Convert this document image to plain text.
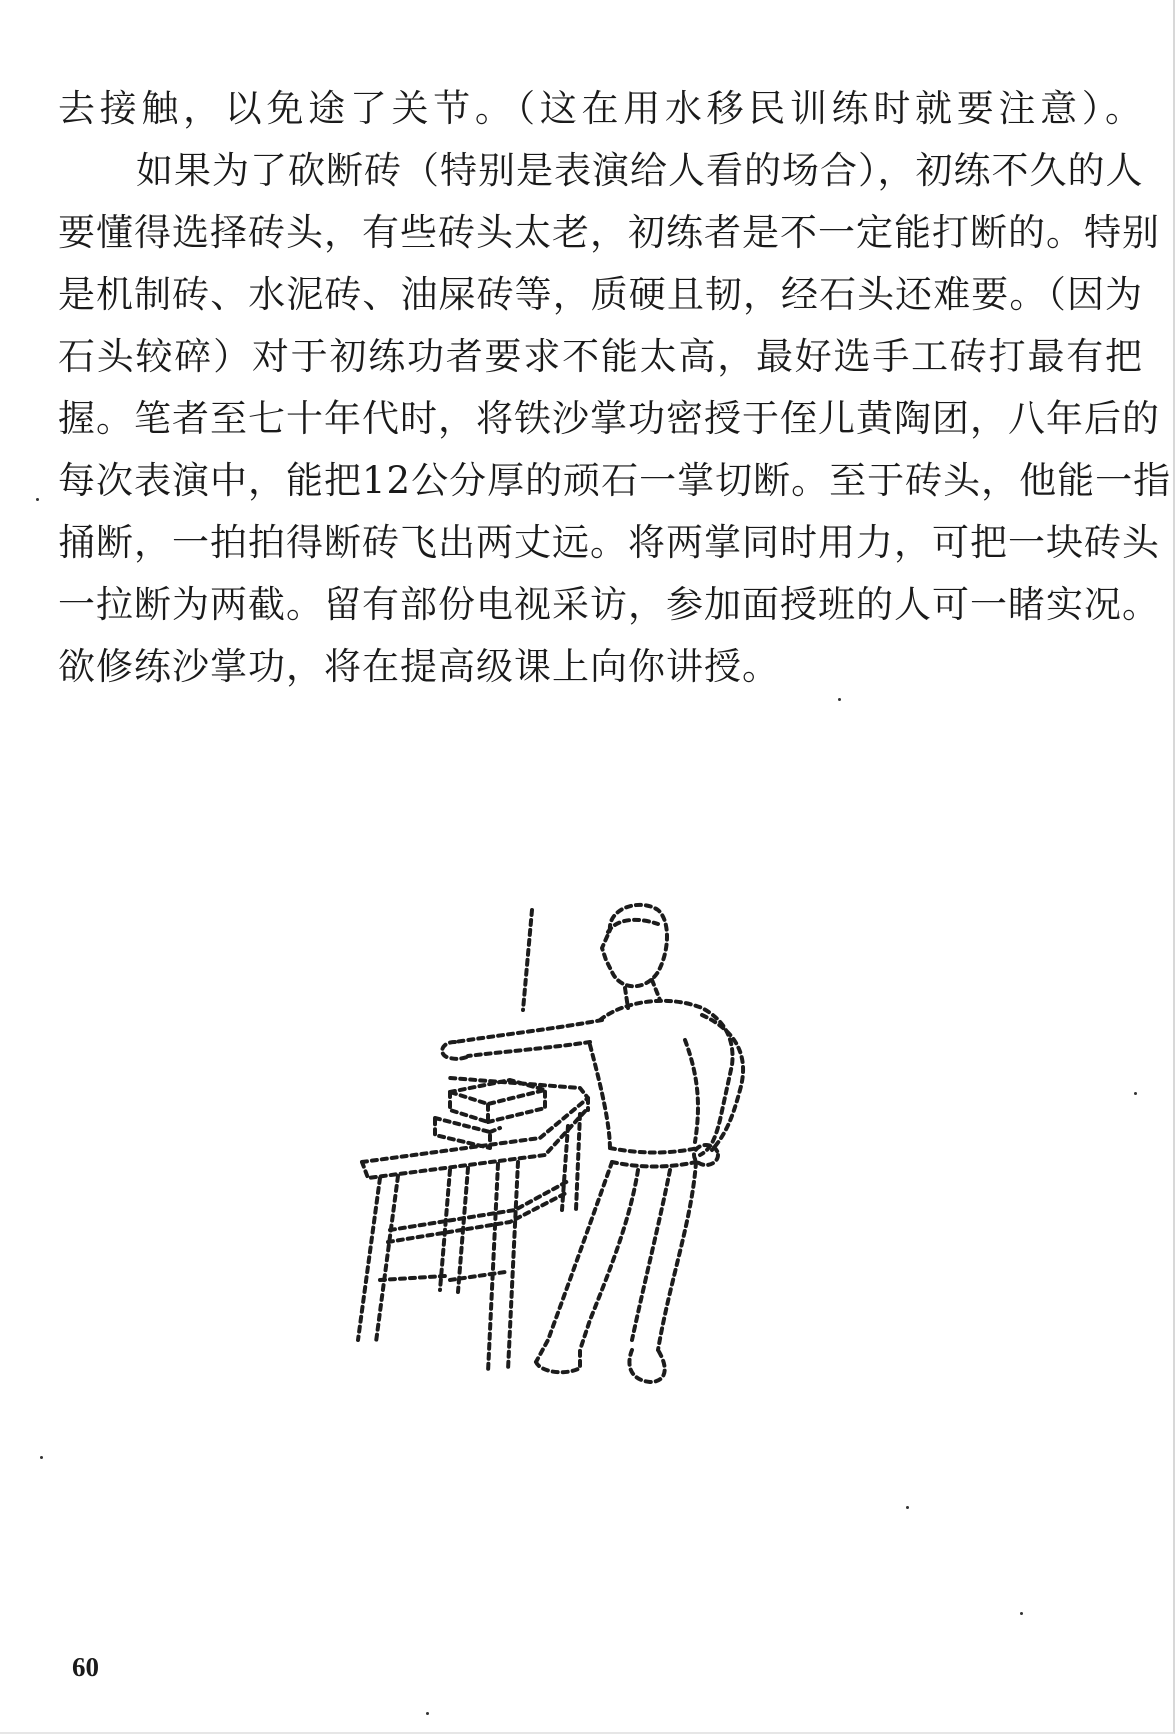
去接触，以免途了关节。（这在用水移民训练时就要注意）。
如果为了砍断砖（特别是表演给人看的场合），初练不久的人
要懂得选择砖头，有些砖头太老，初练者是不一定能打断的。特别
是机制砖、水泥砖、油屎砖等，质硬且韧，经石头还难要。（因为
石头较碎）对于初练功者要求不能太高，最好选手工砖打最有把
握。笔者至七十年代时，将铁沙掌功密授于侄儿黄陶团，八年后的
每次表演中，能把12公分厚的顽石一掌切断。至于砖头，他能一指
捅断，一拍拍得断砖飞出两丈远。将两掌同时用力，可把一块砖头
一拉断为两截。留有部份电视采访，参加面授班的人可一睹实况。
欲修练沙掌功，将在提高级课上向你讲授。
60
